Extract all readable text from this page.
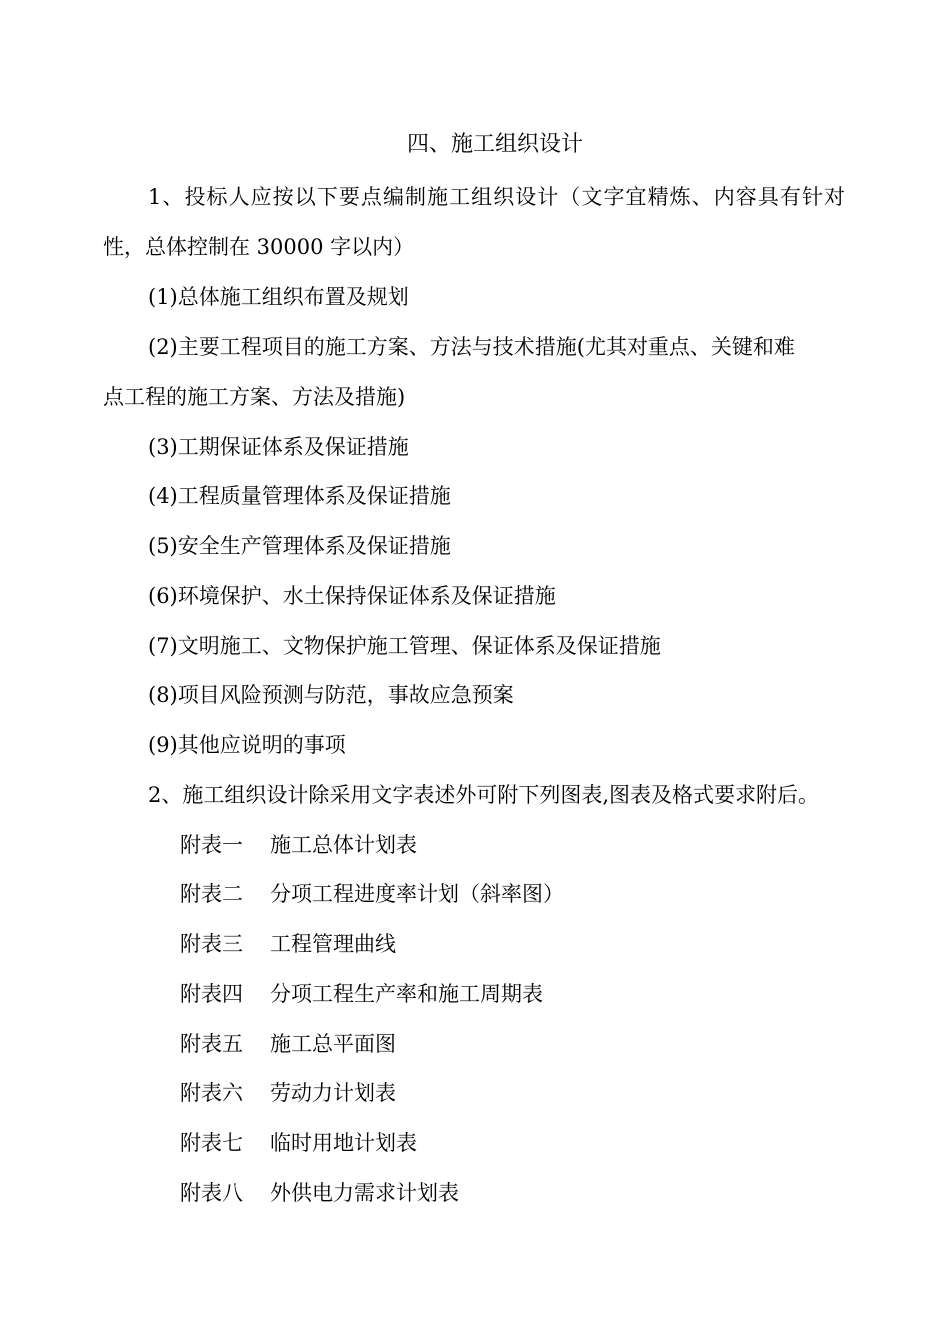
四、施工组织设计
1、投标人应按以下要点编制施工组织设计（文字宜精炼、内容具有针对性，总体控制在 30000 字以内）
(1)总体施工组织布置及规划
(2)主要工程项目的施工方案、方法与技术措施(尤其对重点、关键和难
点工程的施工方案、方法及措施)
(3)工期保证体系及保证措施
(4)工程质量管理体系及保证措施
(5)安全生产管理体系及保证措施
(6)环境保护、水土保持保证体系及保证措施
(7)文明施工、文物保护施工管理、保证体系及保证措施
(8)项目风险预测与防范，事故应急预案
(9)其他应说明的事项
2、施工组织设计除采用文字表述外可附下列图表,图表及格式要求附后。
附表一 施工总体计划表
附表二 分项工程进度率计划（斜率图）
附表三 工程管理曲线
附表四 分项工程生产率和施工周期表
附表五 施工总平面图
附表六 劳动力计划表
附表七 临时用地计划表
附表八 外供电力需求计划表
